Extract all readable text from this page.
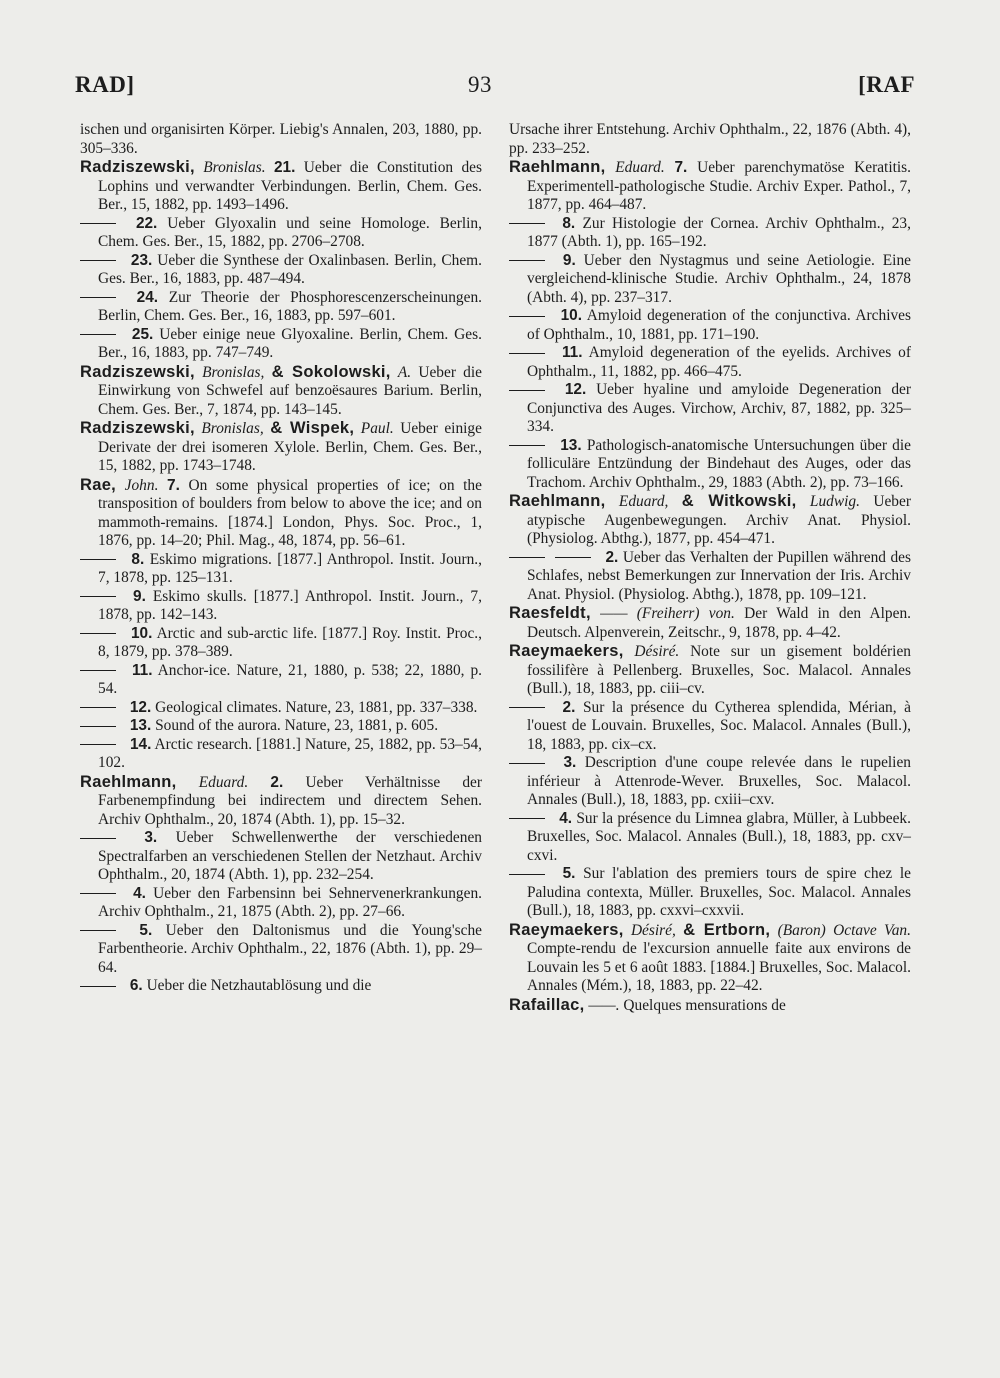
RAD]	93	[RAF

ischen und organisirten Körper. Liebig's Annalen, 203, 1880, pp. 305–336.

Radziszewski, Bronislas. 21. Ueber die Constitution des Lophins und verwandter Verbindungen. Berlin, Chem. Ges. Ber., 15, 1882, pp. 1493–1496.

22. Ueber Glyoxalin und seine Homologe. Berlin, Chem. Ges. Ber., 15, 1882, pp. 2706–2708.

23. Ueber die Synthese der Oxalinbasen. Berlin, Chem. Ges. Ber., 16, 1883, pp. 487–494.

24. Zur Theorie der Phosphorescenzerscheinungen. Berlin, Chem. Ges. Ber., 16, 1883, pp. 597–601.

25. Ueber einige neue Glyoxaline. Berlin, Chem. Ges. Ber., 16, 1883, pp. 747–749.

Radziszewski, Bronislas, & Sokolowski, A. Ueber die Einwirkung von Schwefel auf benzoësaures Barium. Berlin, Chem. Ges. Ber., 7, 1874, pp. 143–145.

Radziszewski, Bronislas, & Wispek, Paul. Ueber einige Derivate der drei isomeren Xylole. Berlin, Chem. Ges. Ber., 15, 1882, pp. 1743–1748.

Rae, John. 7. On some physical properties of ice; on the transposition of boulders from below to above the ice; and on mammoth-remains. [1874.] London, Phys. Soc. Proc., 1, 1876, pp. 14–20; Phil. Mag., 48, 1874, pp. 56–61.

8. Eskimo migrations. [1877.] Anthropol. Instit. Journ., 7, 1878, pp. 125–131.

9. Eskimo skulls. [1877.] Anthropol. Instit. Journ., 7, 1878, pp. 142–143.

10. Arctic and sub-arctic life. [1877.] Roy. Instit. Proc., 8, 1879, pp. 378–389.

11. Anchor-ice. Nature, 21, 1880, p. 538; 22, 1880, p. 54.

12. Geological climates. Nature, 23, 1881, pp. 337–338.

13. Sound of the aurora. Nature, 23, 1881, p. 605.

14. Arctic research. [1881.] Nature, 25, 1882, pp. 53–54, 102.

Raehlmann, Eduard. 2. Ueber Verhältnisse der Farbenempfindung bei indirectem und directem Sehen. Archiv Ophthalm., 20, 1874 (Abth. 1), pp. 15–32.

3. Ueber Schwellenwerthe der verschiedenen Spectralfarben an verschiedenen Stellen der Netzhaut. Archiv Ophthalm., 20, 1874 (Abth. 1), pp. 232–254.

4. Ueber den Farbensinn bei Sehnervenerkrankungen. Archiv Ophthalm., 21, 1875 (Abth. 2), pp. 27–66.

5. Ueber den Daltonismus und die Young'sche Farbentheorie. Archiv Ophthalm., 22, 1876 (Abth. 1), pp. 29–64.

6. Ueber die Netzhautablösung und die

Ursache ihrer Entstehung. Archiv Ophthalm., 22, 1876 (Abth. 4), pp. 233–252.

Raehlmann, Eduard. 7. Ueber parenchymatöse Keratitis. Experimentell-pathologische Studie. Archiv Exper. Pathol., 7, 1877, pp. 464–487.

8. Zur Histologie der Cornea. Archiv Ophthalm., 23, 1877 (Abth. 1), pp. 165–192.

9. Ueber den Nystagmus und seine Aetiologie. Eine vergleichend-klinische Studie. Archiv Ophthalm., 24, 1878 (Abth. 4), pp. 237–317.

10. Amyloid degeneration of the conjunctiva. Archives of Ophthalm., 10, 1881, pp. 171–190.

11. Amyloid degeneration of the eyelids. Archives of Ophthalm., 11, 1882, pp. 466–475.

12. Ueber hyaline und amyloide Degeneration der Conjunctiva des Auges. Virchow, Archiv, 87, 1882, pp. 325–334.

13. Pathologisch-anatomische Untersuchungen über die folliculäre Entzündung der Bindehaut des Auges, oder das Trachom. Archiv Ophthalm., 29, 1883 (Abth. 2), pp. 73–166.

Raehlmann, Eduard, & Witkowski, Ludwig. Ueber atypische Augenbewegungen. Archiv Anat. Physiol. (Physiolog. Abthg.), 1877, pp. 454–471.

2. Ueber das Verhalten der Pupillen während des Schlafes, nebst Bemerkungen zur Innervation der Iris. Archiv Anat. Physiol. (Physiolog. Abthg.), 1878, pp. 109–121.

Raesfeldt, —— (Freiherr) von. Der Wald in den Alpen. Deutsch. Alpenverein, Zeitschr., 9, 1878, pp. 4–42.

Raeymaekers, Désiré. Note sur un gisement boldérien fossilifère à Pellenberg. Bruxelles, Soc. Malacol. Annales (Bull.), 18, 1883, pp. ciii–cv.

2. Sur la présence du Cytherea splendida, Mérian, à l'ouest de Louvain. Bruxelles, Soc. Malacol. Annales (Bull.), 18, 1883, pp. cix–cx.

3. Description d'une coupe relevée dans le rupelien inférieur à Attenrode-Wever. Bruxelles, Soc. Malacol. Annales (Bull.), 18, 1883, pp. cxiii–cxv.

4. Sur la présence du Limnea glabra, Müller, à Lubbeek. Bruxelles, Soc. Malacol. Annales (Bull.), 18, 1883, pp. cxv–cxvi.

5. Sur l'ablation des premiers tours de spire chez le Paludina contexta, Müller. Bruxelles, Soc. Malacol. Annales (Bull.), 18, 1883, pp. cxxvi–cxxvii.

Raeymaekers, Désiré, & Ertborn, (Baron) Octave Van. Compte-rendu de l'excursion annuelle faite aux environs de Louvain les 5 et 6 août 1883. [1884.] Bruxelles, Soc. Malacol. Annales (Mém.), 18, 1883, pp. 22–42.

Rafaillac, ——. Quelques mensurations de
